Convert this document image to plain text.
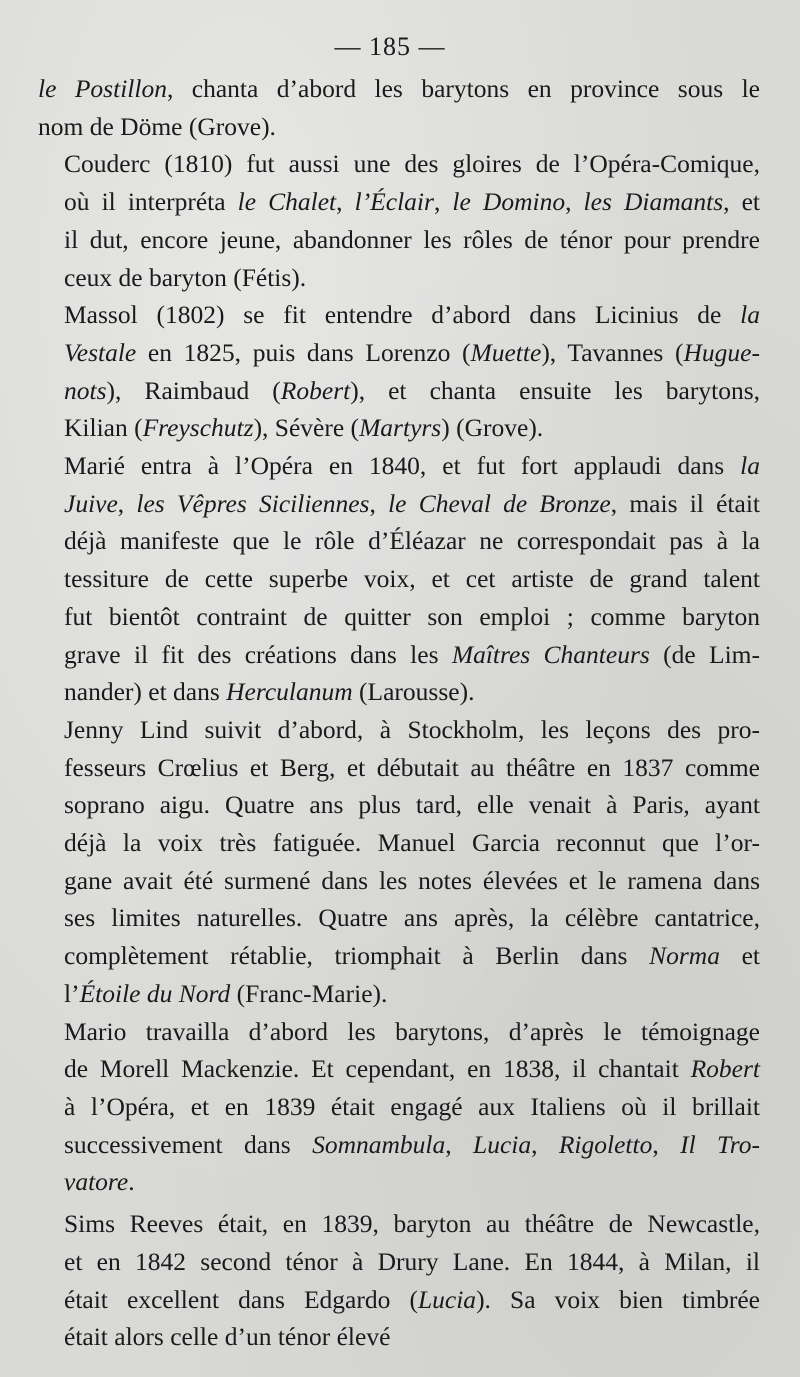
— 185 —

le Postillon, chanta d’abord les barytons en province sous le
nom de Döme (Grove).

Couderc (1810) fut aussi une des gloires de l’Opéra-Comique,
où il interpréta le Chalet, l’Éclair, le Domino, les Diamants, et
il dut, encore jeune, abandonner les rôles de ténor pour prendre
ceux de baryton (Fétis).

Massol (1802) se fit entendre d’abord dans Licinius de la
Vestale en 1825, puis dans Lorenzo (Muette), Tavannes (Hugue-
nots), Raimbaud (Robert), et chanta ensuite les barytons,
Kilian (Freyschutz), Sévère (Martyrs) (Grove).

Marié entra à l’Opéra en 1840, et fut fort applaudi dans la
Juive, les Vêpres Siciliennes, le Cheval de Bronze, mais il était
déjà manifeste que le rôle d’Éléazar ne correspondait pas à la
tessiture de cette superbe voix, et cet artiste de grand talent
fut bientôt contraint de quitter son emploi ; comme baryton
grave il fit des créations dans les Maîtres Chanteurs (de Lim-
nander) et dans Herculanum (Larousse).

Jenny Lind suivit d’abord, à Stockholm, les leçons des pro-
fesseurs Crœlius et Berg, et débutait au théâtre en 1837 comme
soprano aigu. Quatre ans plus tard, elle venait à Paris, ayant
déjà la voix très fatiguée. Manuel Garcia reconnut que l’or-
gane avait été surmené dans les notes élevées et le ramena dans
ses limites naturelles. Quatre ans après, la célèbre cantatrice,
complètement rétablie, triomphait à Berlin dans Norma et
l’Étoile du Nord (Franc-Marie).

Mario travailla d’abord les barytons, d’après le témoignage
de Morell Mackenzie. Et cependant, en 1838, il chantait Robert
à l’Opéra, et en 1839 était engagé aux Italiens où il brillait
successivement dans Somnambula, Lucia, Rigoletto, Il Tro-
vatore.

Sims Reeves était, en 1839, baryton au théâtre de Newcastle,
et en 1842 second ténor à Drury Lane. En 1844, à Milan, il
était excellent dans Edgardo (Lucia). Sa voix bien timbrée
était alors celle d’un ténor élevé
